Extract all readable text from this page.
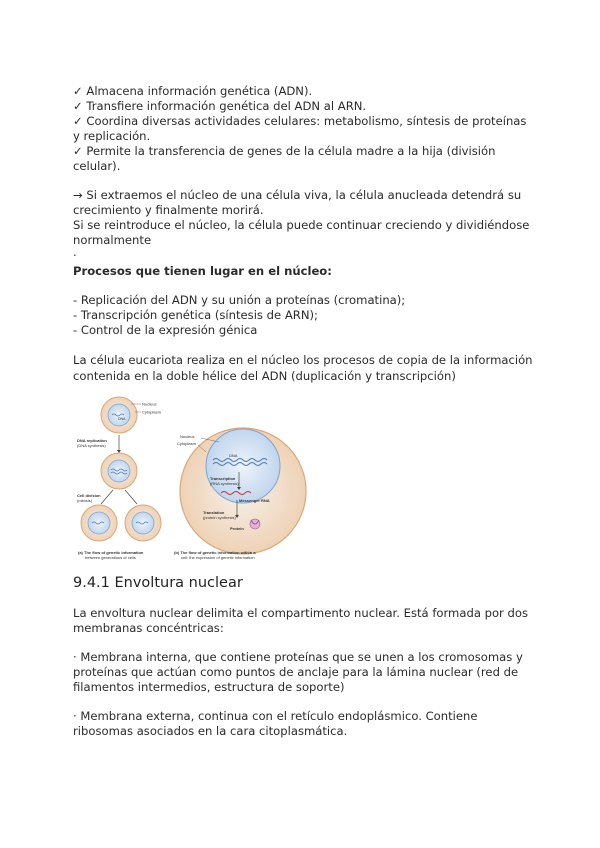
✓ Almacena información genética (ADN).

✓ Transfiere información genética del ADN al ARN.

✓ Coordina diversas actividades celulares: metabolismo, síntesis de proteínas y replicación.

✓ Permite la transferencia de genes de la célula madre a la hija (división celular).

→ Si extraemos el núcleo de una célula viva, la célula anucleada detendrá su crecimiento y finalmente morirá.

Si se reintroduce el núcleo, la célula puede continuar creciendo y dividiéndose normalmente

.

Procesos que tienen lugar en el núcleo:

- Replicación del ADN y su unión a proteínas (cromatina);

- Transcripción genética (síntesis de ARN);

- Control de la expresión génica

La célula eucariota realiza en el núcleo los procesos de copia de la información contenida en la doble hélice del ADN (duplicación y transcripción)

DNA
Nucleus
Cytoplasm
DNA replication
(DNA synthesis)
Cell division
(mitosis)
DNA
Nucleus
Cytoplasm
Transcription
(RNA synthesis)
Messenger RNA
Translation
(protein synthesis)
Protein
(a) The flow of genetic information
between generations of cells
(b) The flow of genetic information within a
cell: the expression of genetic information
9.4.1 Envoltura nuclear

La envoltura nuclear delimita el compartimento nuclear. Está formada por dos membranas concéntricas:

· Membrana interna, que contiene proteínas que se unen a los cromosomas y proteínas que actúan como puntos de anclaje para la lámina nuclear (red de filamentos intermedios, estructura de soporte)

· Membrana externa, continua con el retículo endoplásmico. Contiene ribosomas asociados en la cara citoplasmática.
